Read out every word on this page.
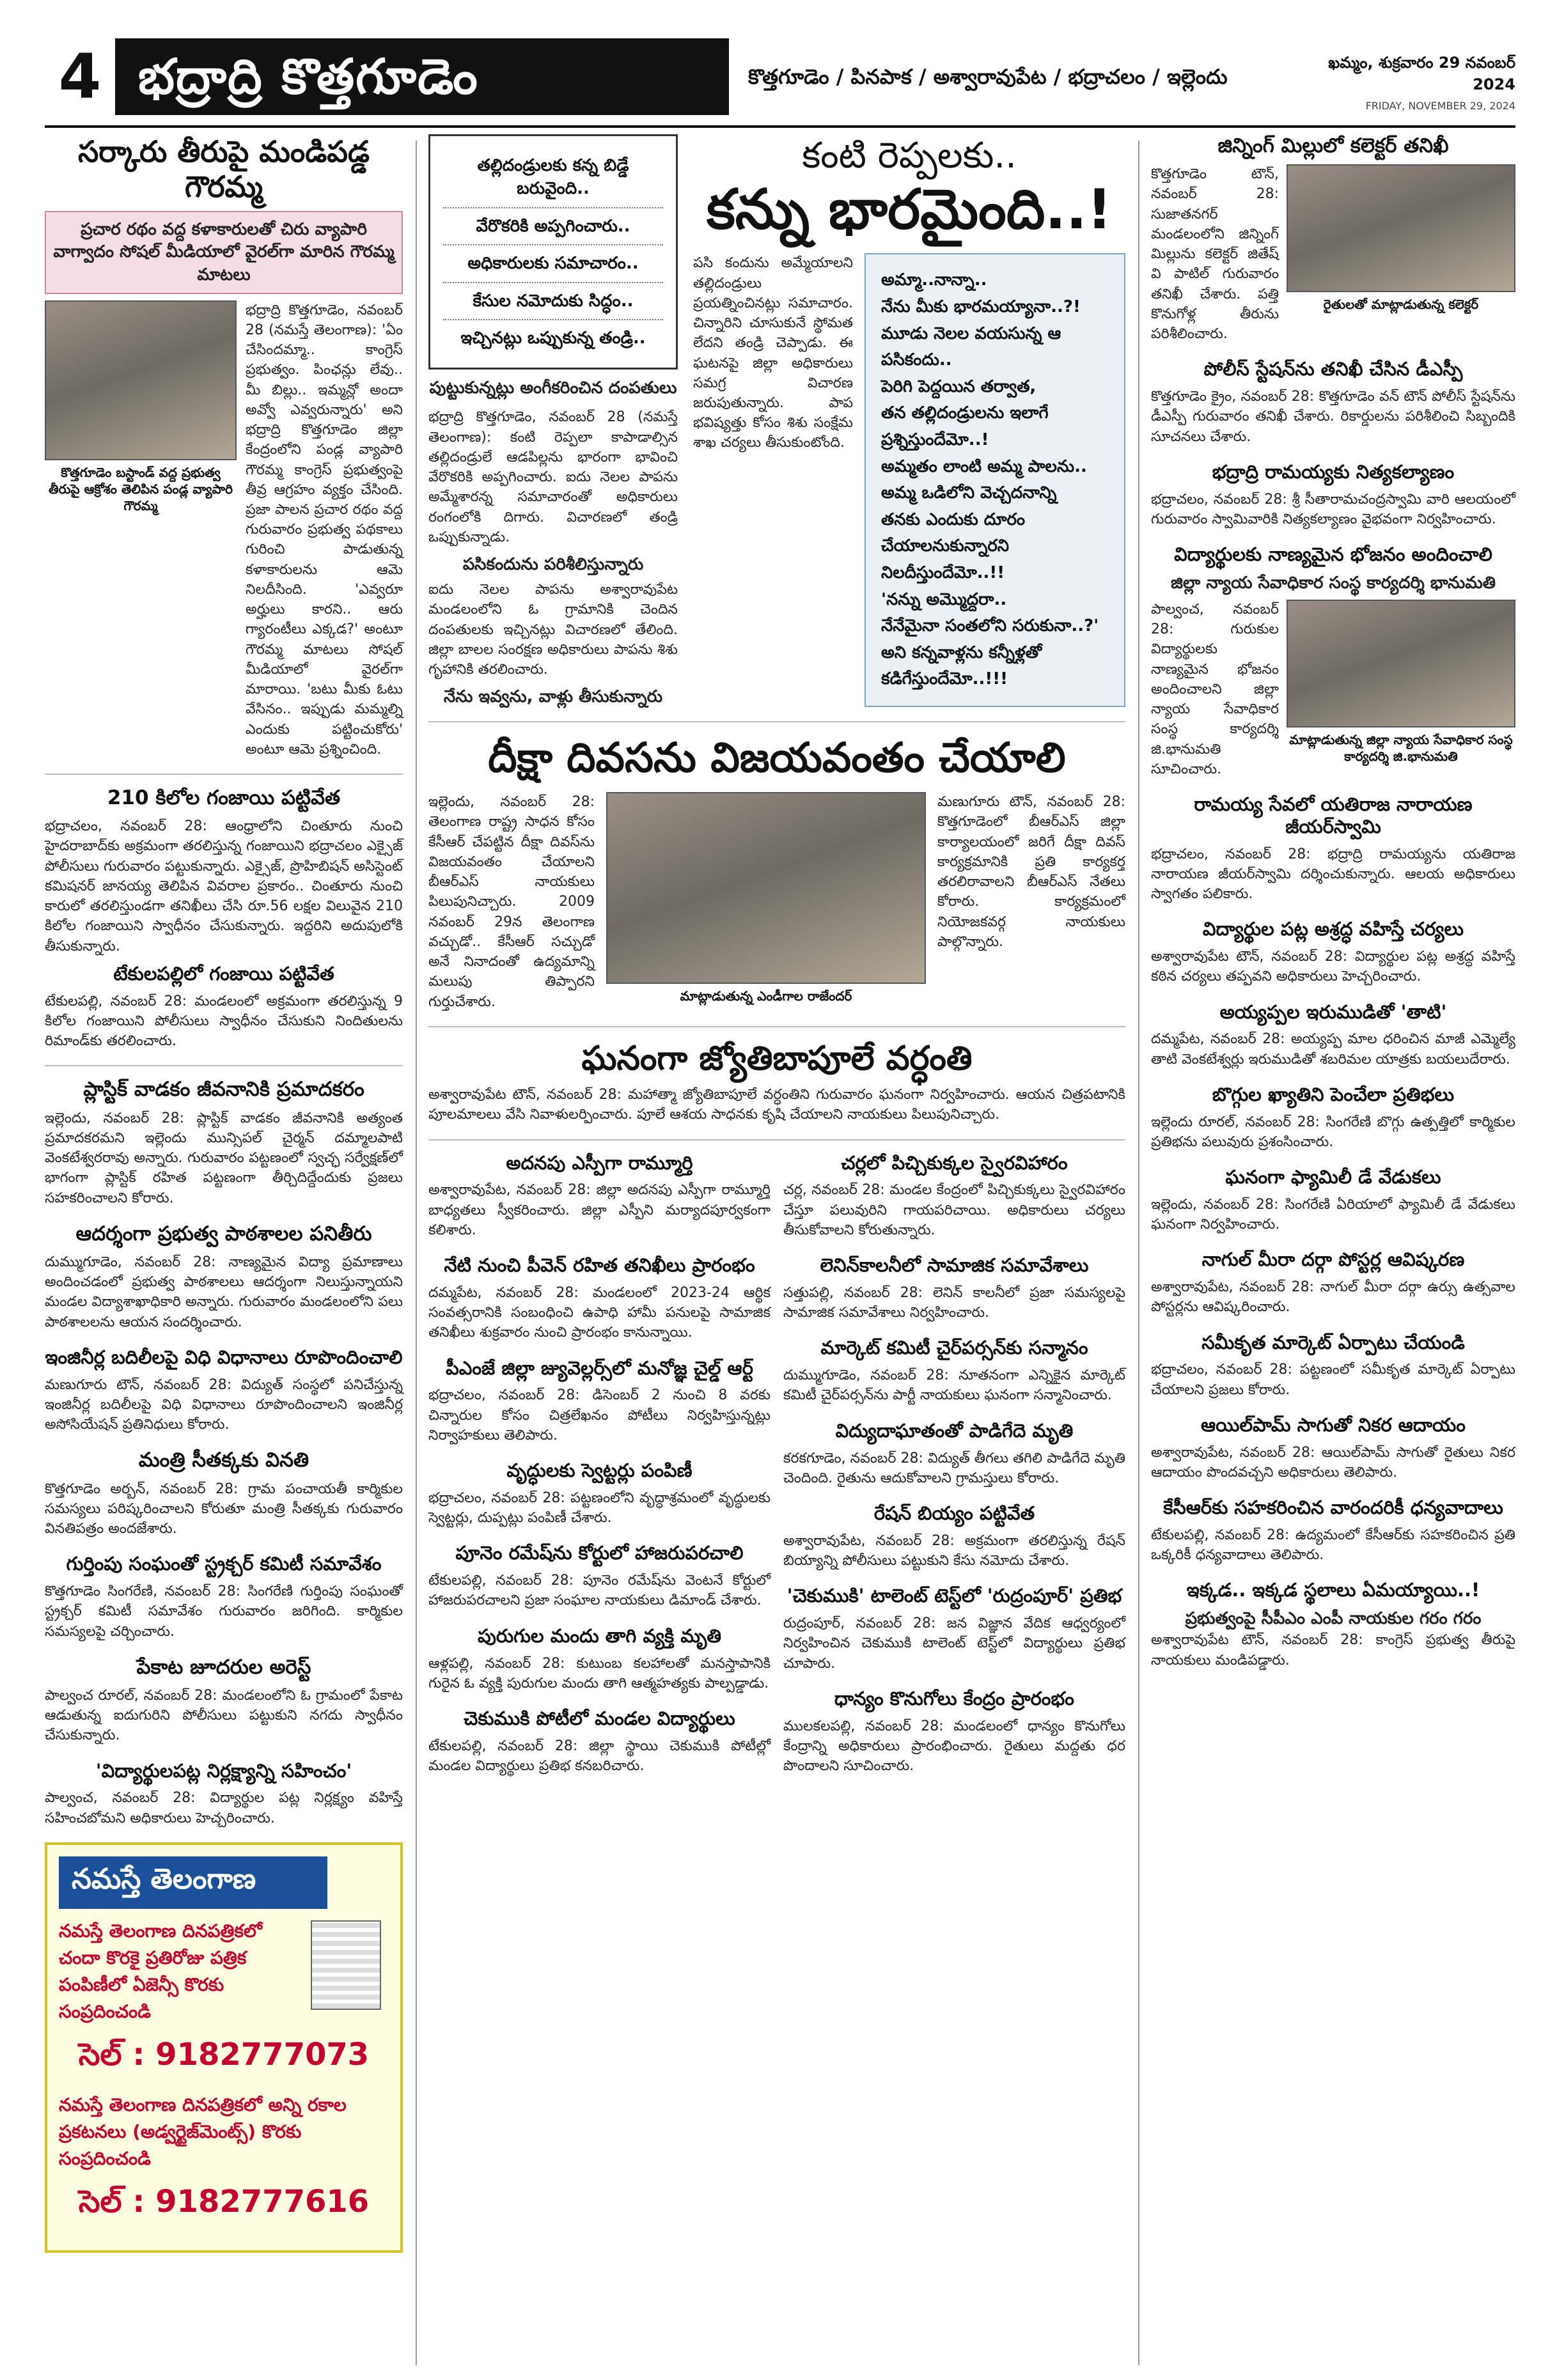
4 భద్రాద్రి కొత్తగూడెం	కొత్తగూడెం / పినపాక / అశ్వారావుపేట / భద్రాచలం / ఇల్లెందు
ఖమ్మం, శుక్రవారం 29 నవంబర్ 2024
FRIDAY, NOVEMBER 29, 2024
సర్కారు తీరుపై మండిపడ్డ గౌరమ్మ
ప్రచార రథం వద్ద కళాకారులతో చిరు వ్యాపారి వాగ్వాదం సోషల్ మీడియాలో వైరల్‌గా మారిన గౌరమ్మ మాటలు
కొత్తగూడెం బస్టాండ్ వద్ద ప్రభుత్వ తీరుపై ఆక్రోశం తెలిపిన పండ్ల వ్యాపారి గౌరమ్మ
భద్రాద్రి కొత్తగూడెం, నవంబర్ 28 (నమస్తే తెలంగాణ): 'ఏం చేసిందమ్మా.. కాంగ్రెస్ ప్రభుత్వం. పింఛన్లు లేవు.. మీ బిల్లు.. ఇమ్మన్లో అందా అవ్వో ఎవ్వరున్నారు' అని భద్రాద్రి కొత్తగూడెం జిల్లా కేంద్రంలోని పండ్ల వ్యాపారి గౌరమ్మ కాంగ్రెస్ ప్రభుత్వంపై తీవ్ర ఆగ్రహం వ్యక్తం చేసింది. ప్రజా పాలన ప్రచార రథం వద్ద గురువారం ప్రభుత్వ పథకాలు గురించి పాడుతున్న కళాకారులను ఆమె నిలదీసింది. 'ఎవ్వరూ అర్హులు కారని.. ఆరు గ్యారంటీలు ఎక్కడ?' అంటూ గౌరమ్మ మాటలు సోషల్ మీడియాలో వైరల్‌గా మారాయి. 'బటు మీకు ఓటు వేసినం.. ఇప్పుడు మమ్మల్ని ఎందుకు పట్టించుకోరు' అంటూ ఆమె ప్రశ్నించింది.
210 కిలోల గంజాయి పట్టివేత
భద్రాచలం, నవంబర్ 28: ఆంధ్రాలోని చింతూరు నుంచి హైదరాబాద్‌కు అక్రమంగా తరలిస్తున్న గంజాయిని భద్రాచలం ఎక్సైజ్ పోలీసులు గురువారం పట్టుకున్నారు. ఎక్సైజ్, ప్రొహిబిషన్ అసిస్టెంట్ కమిషనర్ జానయ్య తెలిపిన వివరాల ప్రకారం.. చింతూరు నుంచి కారులో తరలిస్తుండగా తనిఖీలు చేసి రూ.56 లక్షల విలువైన 210 కిలోల గంజాయిని స్వాధీనం చేసుకున్నారు. ఇద్దరిని అదుపులోకి తీసుకున్నారు.
టేకులపల్లిలో గంజాయి పట్టివేత
టేకులపల్లి, నవంబర్ 28: మండలంలో అక్రమంగా తరలిస్తున్న 9 కిలోల గంజాయిని పోలీసులు స్వాధీనం చేసుకుని నిందితులను రిమాండ్‌కు తరలించారు.
ప్లాస్టిక్ వాడకం జీవనానికి ప్రమాదకరం
ఇల్లెందు, నవంబర్ 28: ప్లాస్టిక్ వాడకం జీవనానికి అత్యంత ప్రమాదకరమని ఇల్లెందు మున్సిపల్ చైర్మన్ దమ్మాలపాటి వెంకటేశ్వరరావు అన్నారు. గురువారం పట్టణంలో స్వచ్ఛ సర్వేక్షణ్‌లో భాగంగా ప్లాస్టిక్ రహిత పట్టణంగా తీర్చిదిద్దేందుకు ప్రజలు సహకరించాలని కోరారు.
ఆదర్శంగా ప్రభుత్వ పాఠశాలల పనితీరు
దుమ్ముగూడెం, నవంబర్ 28: నాణ్యమైన విద్యా ప్రమాణాలు అందించడంలో ప్రభుత్వ పాఠశాలలు ఆదర్శంగా నిలుస్తున్నాయని మండల విద్యాశాఖాధికారి అన్నారు. గురువారం మండలంలోని పలు పాఠశాలలను ఆయన సందర్శించారు.
ఇంజినీర్ల బదిలీలపై విధి విధానాలు రూపొందించాలి
మణుగూరు టౌన్, నవంబర్ 28: విద్యుత్ సంస్థలో పనిచేస్తున్న ఇంజినీర్ల బదిలీలపై విధి విధానాలు రూపొందించాలని ఇంజినీర్ల అసోసియేషన్ ప్రతినిధులు కోరారు.
మంత్రి సీతక్కకు వినతి
కొత్తగూడెం అర్బన్, నవంబర్ 28: గ్రామ పంచాయతీ కార్మికుల సమస్యలు పరిష్కరించాలని కోరుతూ మంత్రి సీతక్కకు గురువారం వినతిపత్రం అందజేశారు.
గుర్తింపు సంఘంతో స్ట్రక్చర్ కమిటీ సమావేశం
కొత్తగూడెం సింగరేణి, నవంబర్ 28: సింగరేణి గుర్తింపు సంఘంతో స్ట్రక్చర్ కమిటీ సమావేశం గురువారం జరిగింది. కార్మికుల సమస్యలపై చర్చించారు.
పేకాట జూదరుల అరెస్ట్
పాల్వంచ రూరల్, నవంబర్ 28: మండలంలోని ఓ గ్రామంలో పేకాట ఆడుతున్న ఐదుగురిని పోలీసులు పట్టుకుని నగదు స్వాధీనం చేసుకున్నారు.
'విద్యార్థులపట్ల నిర్లక్ష్యాన్ని సహించం'
పాల్వంచ, నవంబర్ 28: విద్యార్థుల పట్ల నిర్లక్ష్యం వహిస్తే సహించబోమని అధికారులు హెచ్చరించారు.
నమస్తే తెలంగాణ
నమస్తే తెలంగాణ దినపత్రికలో చందా కొరకై ప్రతిరోజు పత్రిక పంపిణీలో ఏజెన్సీ కొరకు సంప్రదించండి
సెల్ : 9182777073
నమస్తే తెలంగాణ దినపత్రికలో అన్ని రకాల ప్రకటనలు (అడ్వర్టైజ్‌మెంట్స్) కొరకు సంప్రదించండి
సెల్ : 9182777616
తల్లిదండ్రులకు కన్న బిడ్డే బరువైంది..
వేరొకరికి అప్పగించారు..
అధికారులకు సమాచారం..
కేసుల నమోదుకు సిద్ధం..
ఇచ్చినట్లు ఒప్పుకున్న తండ్రి..
పుట్టుకున్నట్లు అంగీకరించిన దంపతులు
భద్రాద్రి కొత్తగూడెం, నవంబర్ 28 (నమస్తే తెలంగాణ): కంటి రెప్పలా కాపాడాల్సిన తల్లిదండ్రులే ఆడపిల్లను భారంగా భావించి వేరొకరికి అప్పగించారు. ఐదు నెలల పాపను అమ్మేశారన్న సమాచారంతో అధికారులు రంగంలోకి దిగారు. విచారణలో తండ్రి ఒప్పుకున్నాడు.
పసికందును పరిశీలిస్తున్నారు
ఐదు నెలల పాపను అశ్వారావుపేట మండలంలోని ఓ గ్రామానికి చెందిన దంపతులకు ఇచ్చినట్లు విచారణలో తేలింది. జిల్లా బాలల సంరక్షణ అధికారులు పాపను శిశు గృహానికి తరలించారు.
నేను ఇవ్వను, వాళ్లు తీసుకున్నారు
కంటి రెప్పలకు..
కన్ను భారమైంది..!
పసి కందును అమ్మేయాలని తల్లిదండ్రులు ప్రయత్నించినట్లు సమాచారం. చిన్నారిని చూసుకునే స్థోమత లేదని తండ్రి చెప్పాడు. ఈ ఘటనపై జిల్లా అధికారులు సమగ్ర విచారణ జరుపుతున్నారు. పాప భవిష్యత్తు కోసం శిశు సంక్షేమ శాఖ చర్యలు తీసుకుంటోంది.
అమ్మా..నాన్నా..
నేను మీకు భారమయ్యానా..?!
మూడు నెలల వయసున్న ఆ పసికందు..
పెరిగి పెద్దయిన తర్వాత,
తన తల్లిదండ్రులను ఇలాగే ప్రశ్నిస్తుందేమో..!
అమ్మతం లాంటి అమ్మ పాలను..
అమ్మ ఒడిలోని వెచ్చదనాన్ని
తనకు ఎందుకు దూరం చేయాలనుకున్నారని
నిలదీస్తుందేమో..!!
'నన్ను అమ్మొద్దరా..
నేనేమైనా సంతలోని సరుకునా..?'
అని కన్నవాళ్లను కన్నీళ్లతో కడిగేస్తుందేమో..!!!
దీక్షా దివసను విజయవంతం చేయాలి
ఇల్లెందు, నవంబర్ 28: తెలంగాణ రాష్ట్ర సాధన కోసం కేసీఆర్ చేపట్టిన దీక్షా దివస్‌ను విజయవంతం చేయాలని బీఆర్ఎస్ నాయకులు పిలుపునిచ్చారు. 2009 నవంబర్ 29న తెలంగాణ వచ్చుడో.. కేసీఆర్ సచ్చుడో అనే నినాదంతో ఉద్యమాన్ని మలుపు తిప్పారని గుర్తుచేశారు.	మాట్లాడుతున్న ఎండీగాల రాజేందర్
మణుగూరు టౌన్, నవంబర్ 28: కొత్తగూడెంలో బీఆర్ఎస్ జిల్లా కార్యాలయంలో జరిగే దీక్షా దివస్ కార్యక్రమానికి ప్రతి కార్యకర్త తరలిరావాలని బీఆర్ఎస్ నేతలు కోరారు. కార్యక్రమంలో నియోజకవర్గ నాయకులు పాల్గొన్నారు.
ఘనంగా జ్యోతిబాపూలే వర్ధంతి
అశ్వారావుపేట టౌన్, నవంబర్ 28: మహాత్మా జ్యోతిబాపూలే వర్ధంతిని గురువారం ఘనంగా నిర్వహించారు. ఆయన చిత్రపటానికి పూలమాలలు వేసి నివాళులర్పించారు. పూలే ఆశయ సాధనకు కృషి చేయాలని నాయకులు పిలుపునిచ్చారు.
అదనపు ఎస్పీగా రామ్మూర్తి
అశ్వారావుపేట, నవంబర్ 28: జిల్లా అదనపు ఎస్పీగా రామ్మూర్తి బాధ్యతలు స్వీకరించారు. జిల్లా ఎస్పీని మర్యాదపూర్వకంగా కలిశారు.
నేటి నుంచి పీవెన్ రహిత తనిఖీలు ప్రారంభం
దమ్మపేట, నవంబర్ 28: మండలంలో 2023-24 ఆర్థిక సంవత్సరానికి సంబంధించి ఉపాధి హామీ పనులపై సామాజిక తనిఖీలు శుక్రవారం నుంచి ప్రారంభం కానున్నాయి.
పీఎంజే జిల్లా జ్యువెల్లర్స్‌లో మనోజ్ఞ చైల్డ్ ఆర్ట్
భద్రాచలం, నవంబర్ 28: డిసెంబర్ 2 నుంచి 8 వరకు చిన్నారుల కోసం చిత్రలేఖనం పోటీలు నిర్వహిస్తున్నట్లు నిర్వాహకులు తెలిపారు.
వృద్ధులకు స్వెట్టర్లు పంపిణీ
భద్రాచలం, నవంబర్ 28: పట్టణంలోని వృద్ధాశ్రమంలో వృద్ధులకు స్వెట్టర్లు, దుప్పట్లు పంపిణీ చేశారు.
పూనెం రమేష్‌ను కోర్టులో హాజరుపరచాలి
టేకులపల్లి, నవంబర్ 28: పూనెం రమేష్‌ను వెంటనే కోర్టులో హాజరుపరచాలని ప్రజా సంఘాల నాయకులు డిమాండ్ చేశారు.
పురుగుల మందు తాగి వ్యక్తి మృతి
ఆళ్లపల్లి, నవంబర్ 28: కుటుంబ కలహాలతో మనస్తాపానికి గురైన ఓ వ్యక్తి పురుగుల మందు తాగి ఆత్మహత్యకు పాల్పడ్డాడు.
చెకుముకి పోటీలో మండల విద్యార్థులు
టేకులపల్లి, నవంబర్ 28: జిల్లా స్థాయి చెకుముకి పోటీల్లో మండల విద్యార్థులు ప్రతిభ కనబరిచారు.
చర్లలో పిచ్చికుక్కల స్వైరవిహారం
చర్ల, నవంబర్ 28: మండల కేంద్రంలో పిచ్చికుక్కలు స్వైరవిహారం చేస్తూ పలువురిని గాయపరిచాయి. అధికారులు చర్యలు తీసుకోవాలని కోరుతున్నారు.
లెనిన్‌కాలనీలో సామాజిక సమావేశాలు
సత్తుపల్లి, నవంబర్ 28: లెనిన్ కాలనీలో ప్రజా సమస్యలపై సామాజిక సమావేశాలు నిర్వహించారు.
మార్కెట్ కమిటీ చైర్‌పర్సన్‌కు సన్మానం
దుమ్ముగూడెం, నవంబర్ 28: నూతనంగా ఎన్నికైన మార్కెట్ కమిటీ చైర్‌పర్సన్‌ను పార్టీ నాయకులు ఘనంగా సన్మానించారు.
విద్యుదాఘాతంతో పాడిగేదె మృతి
కరకగూడెం, నవంబర్ 28: విద్యుత్ తీగలు తగిలి పాడిగేదె మృతి చెందింది. రైతును ఆదుకోవాలని గ్రామస్తులు కోరారు.
రేషన్ బియ్యం పట్టివేత
అశ్వారావుపేట, నవంబర్ 28: అక్రమంగా తరలిస్తున్న రేషన్ బియ్యాన్ని పోలీసులు పట్టుకుని కేసు నమోదు చేశారు.
'చెకుముకి' టాలెంట్ టెస్ట్‌లో 'రుద్రంపూర్' ప్రతిభ
రుద్రంపూర్, నవంబర్ 28: జన విజ్ఞాన వేదిక ఆధ్వర్యంలో నిర్వహించిన చెకుముకి టాలెంట్ టెస్ట్‌లో విద్యార్థులు ప్రతిభ చూపారు.
ధాన్యం కొనుగోలు కేంద్రం ప్రారంభం
ములకలపల్లి, నవంబర్ 28: మండలంలో ధాన్యం కొనుగోలు కేంద్రాన్ని అధికారులు ప్రారంభించారు. రైతులు మద్దతు ధర పొందాలని సూచించారు.
జిన్నింగ్ మిల్లులో కలెక్టర్ తనిఖీ
కొత్తగూడెం టౌన్, నవంబర్ 28: సుజాతనగర్ మండలంలోని జిన్నింగ్ మిల్లును కలెక్టర్ జితేష్ వి పాటిల్ గురువారం తనిఖీ చేశారు. పత్తి కొనుగోళ్ల తీరును పరిశీలించారు.
రైతులతో మాట్లాడుతున్న కలెక్టర్
పోలీస్ స్టేషన్‌ను తనిఖీ చేసిన డీఎస్పీ
కొత్తగూడెం క్రైం, నవంబర్ 28: కొత్తగూడెం వన్ టౌన్ పోలీస్ స్టేషన్‌ను డీఎస్పీ గురువారం తనిఖీ చేశారు. రికార్డులను పరిశీలించి సిబ్బందికి సూచనలు చేశారు.
భద్రాద్రి రామయ్యకు నిత్యకల్యాణం
భద్రాచలం, నవంబర్ 28: శ్రీ సీతారామచంద్రస్వామి వారి ఆలయంలో గురువారం స్వామివారికి నిత్యకల్యాణం వైభవంగా నిర్వహించారు.
విద్యార్థులకు నాణ్యమైన భోజనం అందించాలి
జిల్లా న్యాయ సేవాధికార సంస్థ కార్యదర్శి భానుమతి
పాల్వంచ, నవంబర్ 28: గురుకుల విద్యార్థులకు నాణ్యమైన భోజనం అందించాలని జిల్లా న్యాయ సేవాధికార సంస్థ కార్యదర్శి జి.భానుమతి సూచించారు.
మాట్లాడుతున్న జిల్లా న్యాయ సేవాధికార సంస్థ కార్యదర్శి జి.భానుమతి
రామయ్య సేవలో యతిరాజ నారాయణ జీయర్‌స్వామి
భద్రాచలం, నవంబర్ 28: భద్రాద్రి రామయ్యను యతిరాజ నారాయణ జీయర్‌స్వామి దర్శించుకున్నారు. ఆలయ అధికారులు స్వాగతం పలికారు.
విద్యార్థుల పట్ల అశ్రద్ధ వహిస్తే చర్యలు
అశ్వారావుపేట టౌన్, నవంబర్ 28: విద్యార్థుల పట్ల అశ్రద్ధ వహిస్తే కఠిన చర్యలు తప్పవని అధికారులు హెచ్చరించారు.
అయ్యప్పల ఇరుముడితో 'తాటి'
దమ్మపేట, నవంబర్ 28: అయ్యప్ప మాల ధరించిన మాజీ ఎమ్మెల్యే తాటి వెంకటేశ్వర్లు ఇరుముడితో శబరిమల యాత్రకు బయలుదేరారు.
బొగ్గుల ఖ్యాతిని పెంచేలా ప్రతిభలు
ఇల్లెందు రూరల్, నవంబర్ 28: సింగరేణి బొగ్గు ఉత్పత్తిలో కార్మికుల ప్రతిభను పలువురు ప్రశంసించారు.
ఘనంగా ఫ్యామిలీ డే వేడుకలు
ఇల్లెందు, నవంబర్ 28: సింగరేణి ఏరియాలో ఫ్యామిలీ డే వేడుకలు ఘనంగా నిర్వహించారు.
నాగుల్ మీరా దర్గా పోస్టర్ల ఆవిష్కరణ
అశ్వారావుపేట, నవంబర్ 28: నాగుల్ మీరా దర్గా ఉర్సు ఉత్సవాల పోస్టర్లను ఆవిష్కరించారు.
సమీకృత మార్కెట్ ఏర్పాటు చేయండి
భద్రాచలం, నవంబర్ 28: పట్టణంలో సమీకృత మార్కెట్ ఏర్పాటు చేయాలని ప్రజలు కోరారు.
ఆయిల్‌పామ్ సాగుతో నికర ఆదాయం
అశ్వారావుపేట, నవంబర్ 28: ఆయిల్‌పామ్ సాగుతో రైతులు నికర ఆదాయం పొందవచ్చని అధికారులు తెలిపారు.
కేసీఆర్‌కు సహకరించిన వారందరికీ ధన్యవాదాలు
టేకులపల్లి, నవంబర్ 28: ఉద్యమంలో కేసీఆర్‌కు సహకరించిన ప్రతి ఒక్కరికీ ధన్యవాదాలు తెలిపారు.
ఇక్కడ.. ఇక్కడ స్థలాలు ఏమయ్యాయి..!
ప్రభుత్వంపై సీపీఎం ఎంపీ నాయకుల గరం గరం
అశ్వారావుపేట టౌన్, నవంబర్ 28: కాంగ్రెస్ ప్రభుత్వ తీరుపై నాయకులు మండిపడ్డారు.
